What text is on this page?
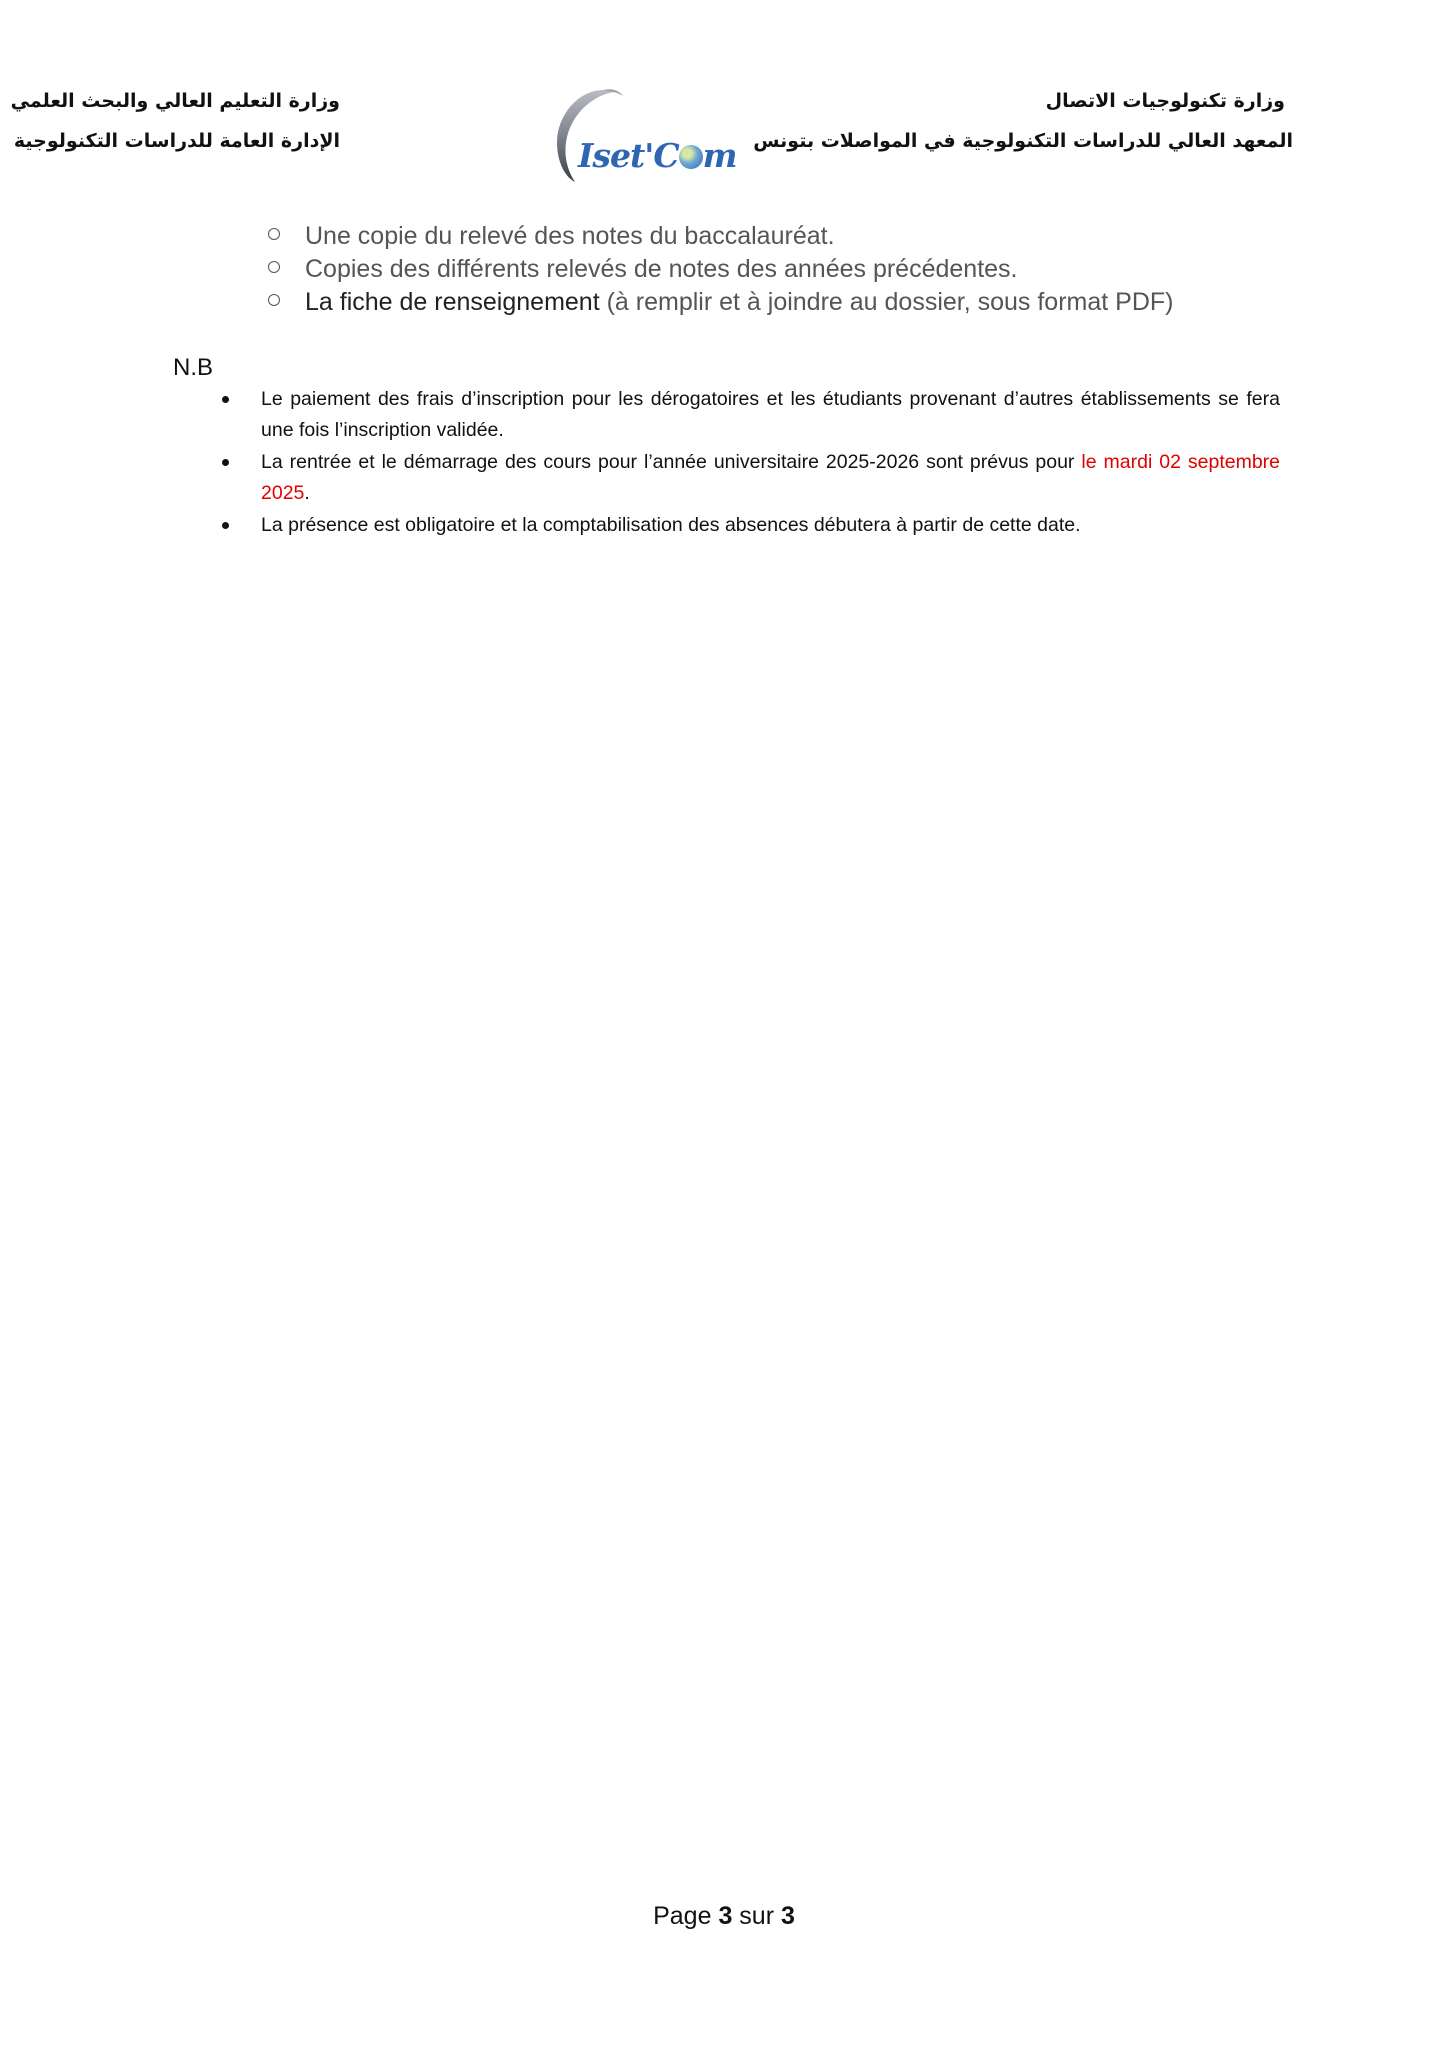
وزارة التعليم العالي والبحث العلمي
الإدارة العامة للدراسات التكنولوجية
وزارة تكنولوجيات الاتصال
المعهد العالي للدراسات التكنولوجية في المواصلات بتونس
Iset'C m
Une copie du relevé des notes du baccalauréat.
Copies des différents relevés de notes des années précédentes.
La fiche de renseignement (à remplir et à joindre au dossier, sous format PDF)
N.B
Le paiement des frais d’inscription pour les dérogatoires et les étudiants provenant d’autres établissements se fera une fois l’inscription validée.
La rentrée et le démarrage des cours pour l’année universitaire 2025-2026 sont prévus pour le mardi 02 septembre 2025.
La présence est obligatoire et la comptabilisation des absences débutera à partir de cette date.
Page 3 sur 3
